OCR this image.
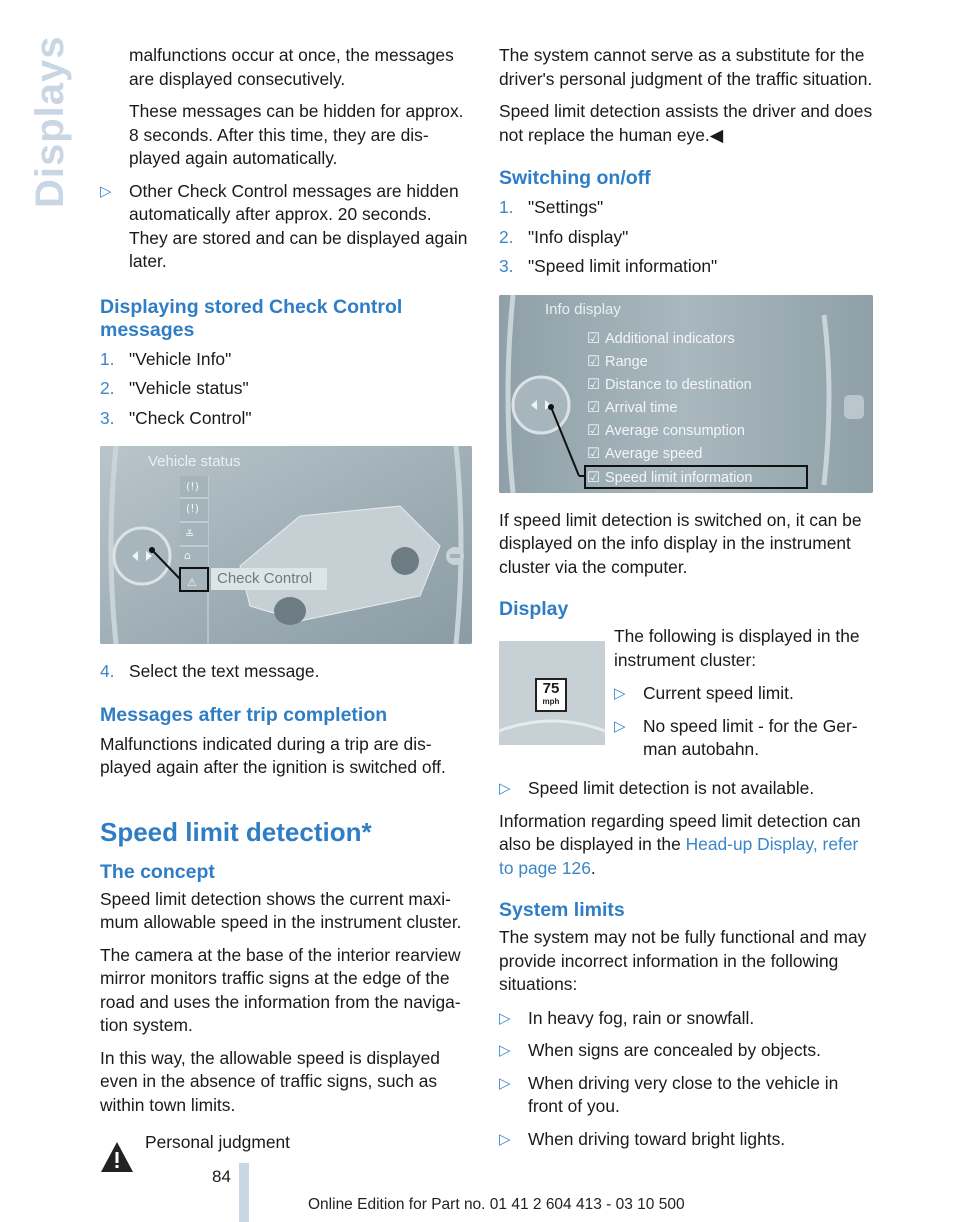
Displays	malfunctions occur at once, the messages are displayed consecutively.

These messages can be hidden for approx. 8 seconds. After this time, they are displayed again automatically.

▷	Other Check Control messages are hidden automatically after approx. 20 seconds. They are stored and can be displayed again later.
Displaying stored Check Control messages
1. "Vehicle Info"
2. "Vehicle status"
3. "Check Control"
(!)
(!)
≚
⌂
⚠
Vehicle status
Check Control
4. Select the text message.
Messages after trip completion

Malfunctions indicated during a trip are displayed again after the ignition is switched off.

Speed limit detection*
The concept

Speed limit detection shows the current maximum allowable speed in the instrument cluster.

The camera at the base of the interior rearview mirror monitors traffic signs at the edge of the road and uses the information from the navigation system.

In this way, the allowable speed is displayed even in the absence of traffic signs, such as within town limits.

Personal judgment

The system cannot serve as a substitute for the driver's personal judgment of the traffic situation.

Speed limit detection assists the driver and does not replace the human eye.◀

Switching on/off
1. "Settings"
2. "Info display"
3. "Speed limit information"
Info display
☑ Additional indicators
☑ Range
☑ Distance to destination
☑ Arrival time
☑ Average consumption
☑ Average speed
☑ Speed limit information

If speed limit detection is switched on, it can be displayed on the info display in the instrument cluster via the computer.

Display
75
mph

The following is displayed in the instrument cluster:

▷	Current speed limit.
▷	No speed limit - for the German autobahn.
▷	Speed limit detection is not available.

Information regarding speed limit detection can also be displayed in the Head-up Display, refer to page 126.

System limits

The system may not be fully functional and may provide incorrect information in the following situations:

▷	In heavy fog, rain or snowfall.
▷	When signs are concealed by objects.
▷	When driving very close to the vehicle in front of you.
▷	When driving toward bright lights.
84
Online Edition for Part no. 01 41 2 604 413 - 03 10 500
